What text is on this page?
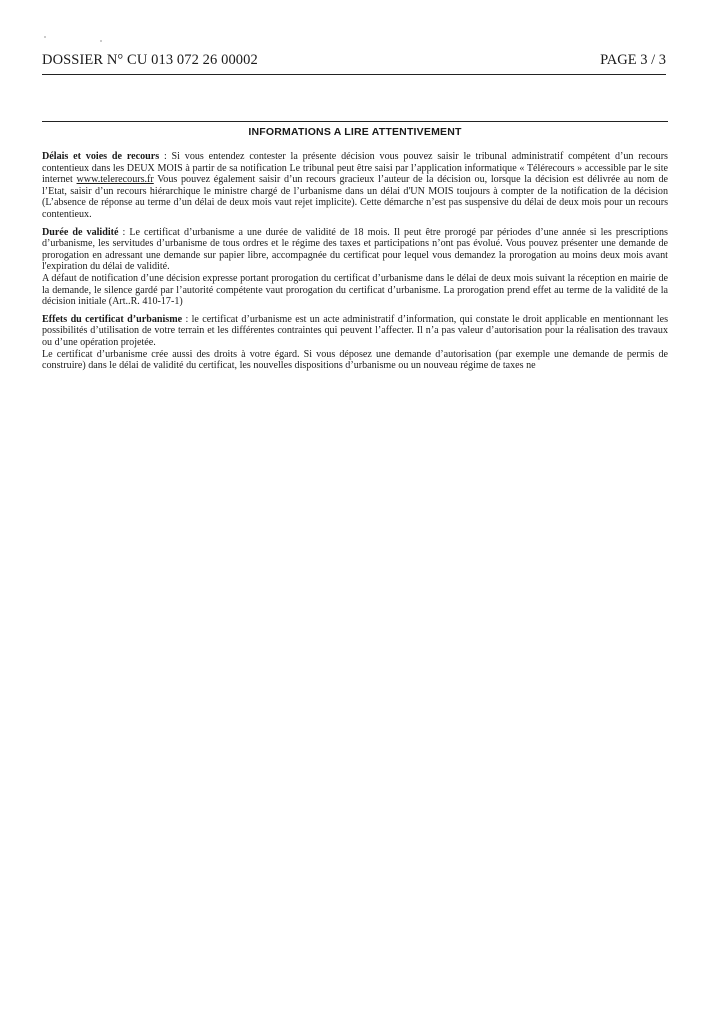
DOSSIER N° CU 013 072 26 00002	PAGE 3 / 3
INFORMATIONS A LIRE ATTENTIVEMENT

Délais et voies de recours : Si vous entendez contester la présente décision vous pouvez saisir le tribunal administratif compétent d’un recours contentieux dans les DEUX MOIS à partir de sa notification Le tribunal peut être saisi par l’application informatique « Télérecours » accessible par le site internet www.telerecours.fr Vous pouvez également saisir d’un recours gracieux l’auteur de la décision ou, lorsque la décision est délivrée au nom de l’Etat, saisir d’un recours hiérarchique le ministre chargé de l’urbanisme dans un délai d'UN MOIS toujours à compter de la notification de la décision (L’absence de réponse au terme d’un délai de deux mois vaut rejet implicite). Cette démarche n’est pas suspensive du délai de deux mois pour un recours contentieux.

Durée de validité : Le certificat d’urbanisme a une durée de validité de 18 mois. Il peut être prorogé par périodes d’une année si les prescriptions d’urbanisme, les servitudes d’urbanisme de tous ordres et le régime des taxes et participations n’ont pas évolué. Vous pouvez présenter une demande de prorogation en adressant une demande sur papier libre, accompagnée du certificat pour lequel vous demandez la prorogation au moins deux mois avant l'expiration du délai de validité.

A défaut de notification d’une décision expresse portant prorogation du certificat d’urbanisme dans le délai de deux mois suivant la réception en mairie de la demande, le silence gardé par l’autorité compétente vaut prorogation du certificat d’urbanisme. La prorogation prend effet au terme de la validité de la décision initiale (Art..R. 410-17-1)

Effets du certificat d’urbanisme : le certificat d’urbanisme est un acte administratif d’information, qui constate le droit applicable en mentionnant les possibilités d’utilisation de votre terrain et les différentes contraintes qui peuvent l’affecter. Il n’a pas valeur d’autorisation pour la réalisation des travaux ou d’une opération projetée.

Le certificat d’urbanisme crée aussi des droits à votre égard. Si vous déposez une demande d’autorisation (par exemple une demande de permis de construire) dans le délai de validité du certificat, les nouvelles dispositions d’urbanisme ou un nouveau régime de taxes ne
